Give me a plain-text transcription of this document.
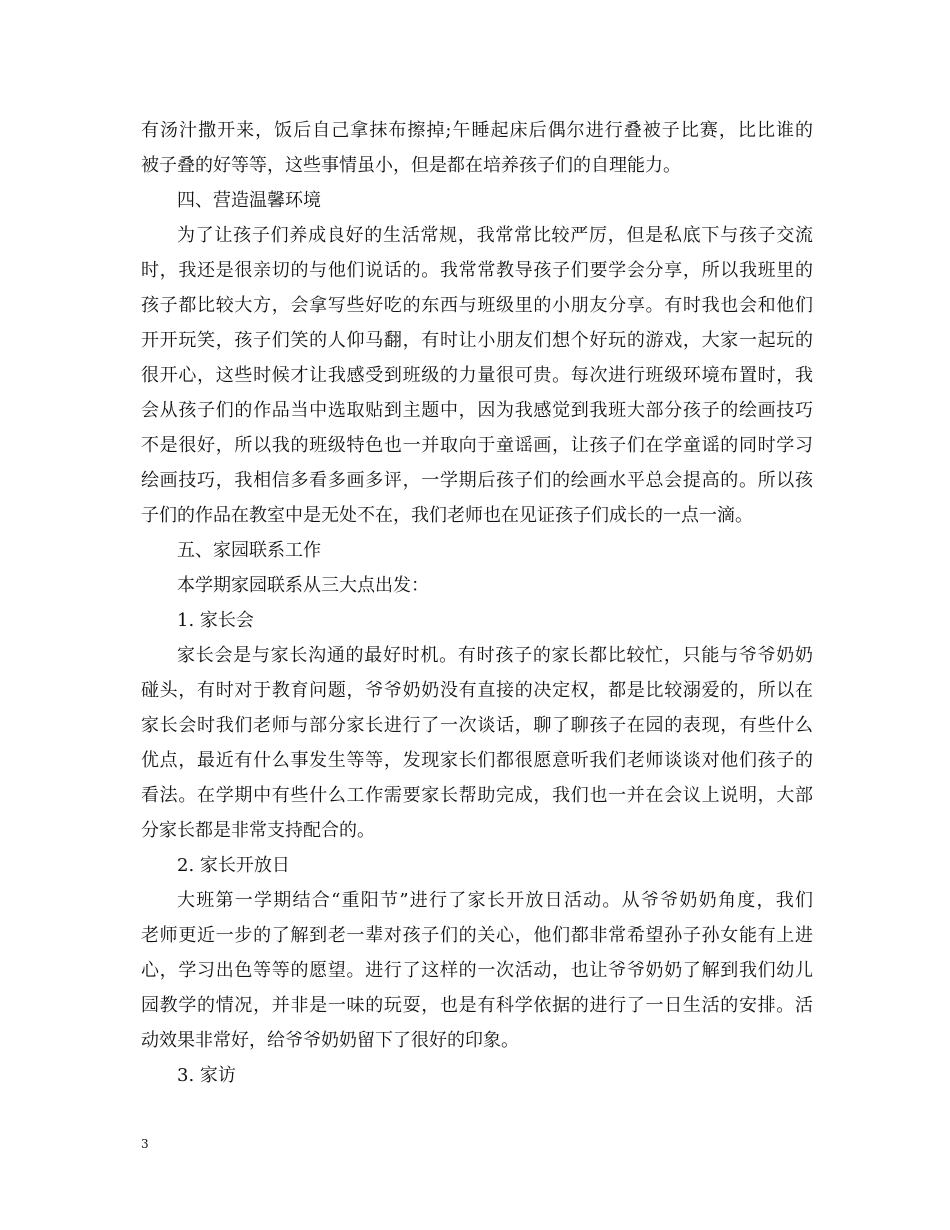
有汤汁撒开来，饭后自己拿抹布擦掉;午睡起床后偶尔进行叠被子比赛，比比谁的
被子叠的好等等，这些事情虽小，但是都在培养孩子们的自理能力。
四、营造温馨环境
为了让孩子们养成良好的生活常规，我常常比较严厉，但是私底下与孩子交流
时，我还是很亲切的与他们说话的。我常常教导孩子们要学会分享，所以我班里的
孩子都比较大方，会拿写些好吃的东西与班级里的小朋友分享。有时我也会和他们
开开玩笑，孩子们笑的人仰马翻，有时让小朋友们想个好玩的游戏，大家一起玩的
很开心，这些时候才让我感受到班级的力量很可贵。每次进行班级环境布置时，我
会从孩子们的作品当中选取贴到主题中，因为我感觉到我班大部分孩子的绘画技巧
不是很好，所以我的班级特色也一并取向于童谣画，让孩子们在学童谣的同时学习
绘画技巧，我相信多看多画多评，一学期后孩子们的绘画水平总会提高的。所以孩
子们的作品在教室中是无处不在，我们老师也在见证孩子们成长的一点一滴。
五、家园联系工作
本学期家园联系从三大点出发：
1. 家长会
家长会是与家长沟通的最好时机。有时孩子的家长都比较忙，只能与爷爷奶奶
碰头，有时对于教育问题，爷爷奶奶没有直接的决定权，都是比较溺爱的，所以在
家长会时我们老师与部分家长进行了一次谈话，聊了聊孩子在园的表现，有些什么
优点，最近有什么事发生等等，发现家长们都很愿意听我们老师谈谈对他们孩子的
看法。在学期中有些什么工作需要家长帮助完成，我们也一并在会议上说明，大部
分家长都是非常支持配合的。
2. 家长开放日
大班第一学期结合“重阳节”进行了家长开放日活动。从爷爷奶奶角度，我们
老师更近一步的了解到老一辈对孩子们的关心，他们都非常希望孙子孙女能有上进
心，学习出色等等的愿望。进行了这样的一次活动，也让爷爷奶奶了解到我们幼儿
园教学的情况，并非是一味的玩耍，也是有科学依据的进行了一日生活的安排。活
动效果非常好，给爷爷奶奶留下了很好的印象。
3. 家访
3
